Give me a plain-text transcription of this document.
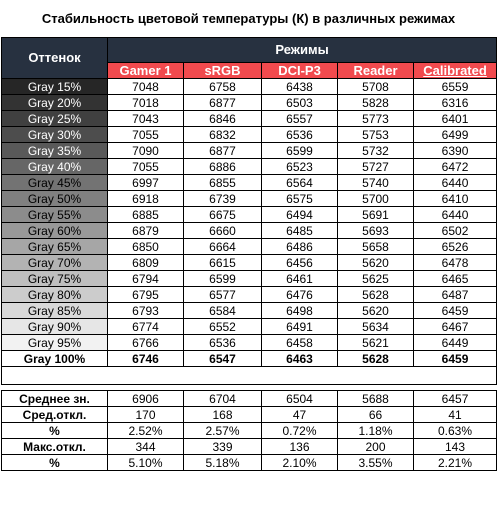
Стабильность цветовой температуры (К) в различных режимах
Оттенок	Режимы				
	Gamer 1	sRGB	DCI-P3	Reader	Calibrated
Gray 15%	7048	6758	6438	5708	6559
Gray 20%	7018	6877	6503	5828	6316
Gray 25%	7043	6846	6557	5773	6401
Gray 30%	7055	6832	6536	5753	6499
Gray 35%	7090	6877	6599	5732	6390
Gray 40%	7055	6886	6523	5727	6472
Gray 45%	6997	6855	6564	5740	6440
Gray 50%	6918	6739	6575	5700	6410
Gray 55%	6885	6675	6494	5691	6440
Gray 60%	6879	6660	6485	5693	6502
Gray 65%	6850	6664	6486	5658	6526
Gray 70%	6809	6615	6456	5620	6478
Gray 75%	6794	6599	6461	5625	6465
Gray 80%	6795	6577	6476	5628	6487
Gray 85%	6793	6584	6498	5620	6459
Gray 90%	6774	6552	6491	5634	6467
Gray 95%	6766	6536	6458	5621	6449
Gray 100%	6746	6547	6463	5628	6459

Среднее зн.	6906	6704	6504	5688	6457
Сред.откл.	170	168	47	66	41
%	2.52%	2.57%	0.72%	1.18%	0.63%
Макс.откл.	344	339	136	200	143
%	5.10%	5.18%	2.10%	3.55%	2.21%
